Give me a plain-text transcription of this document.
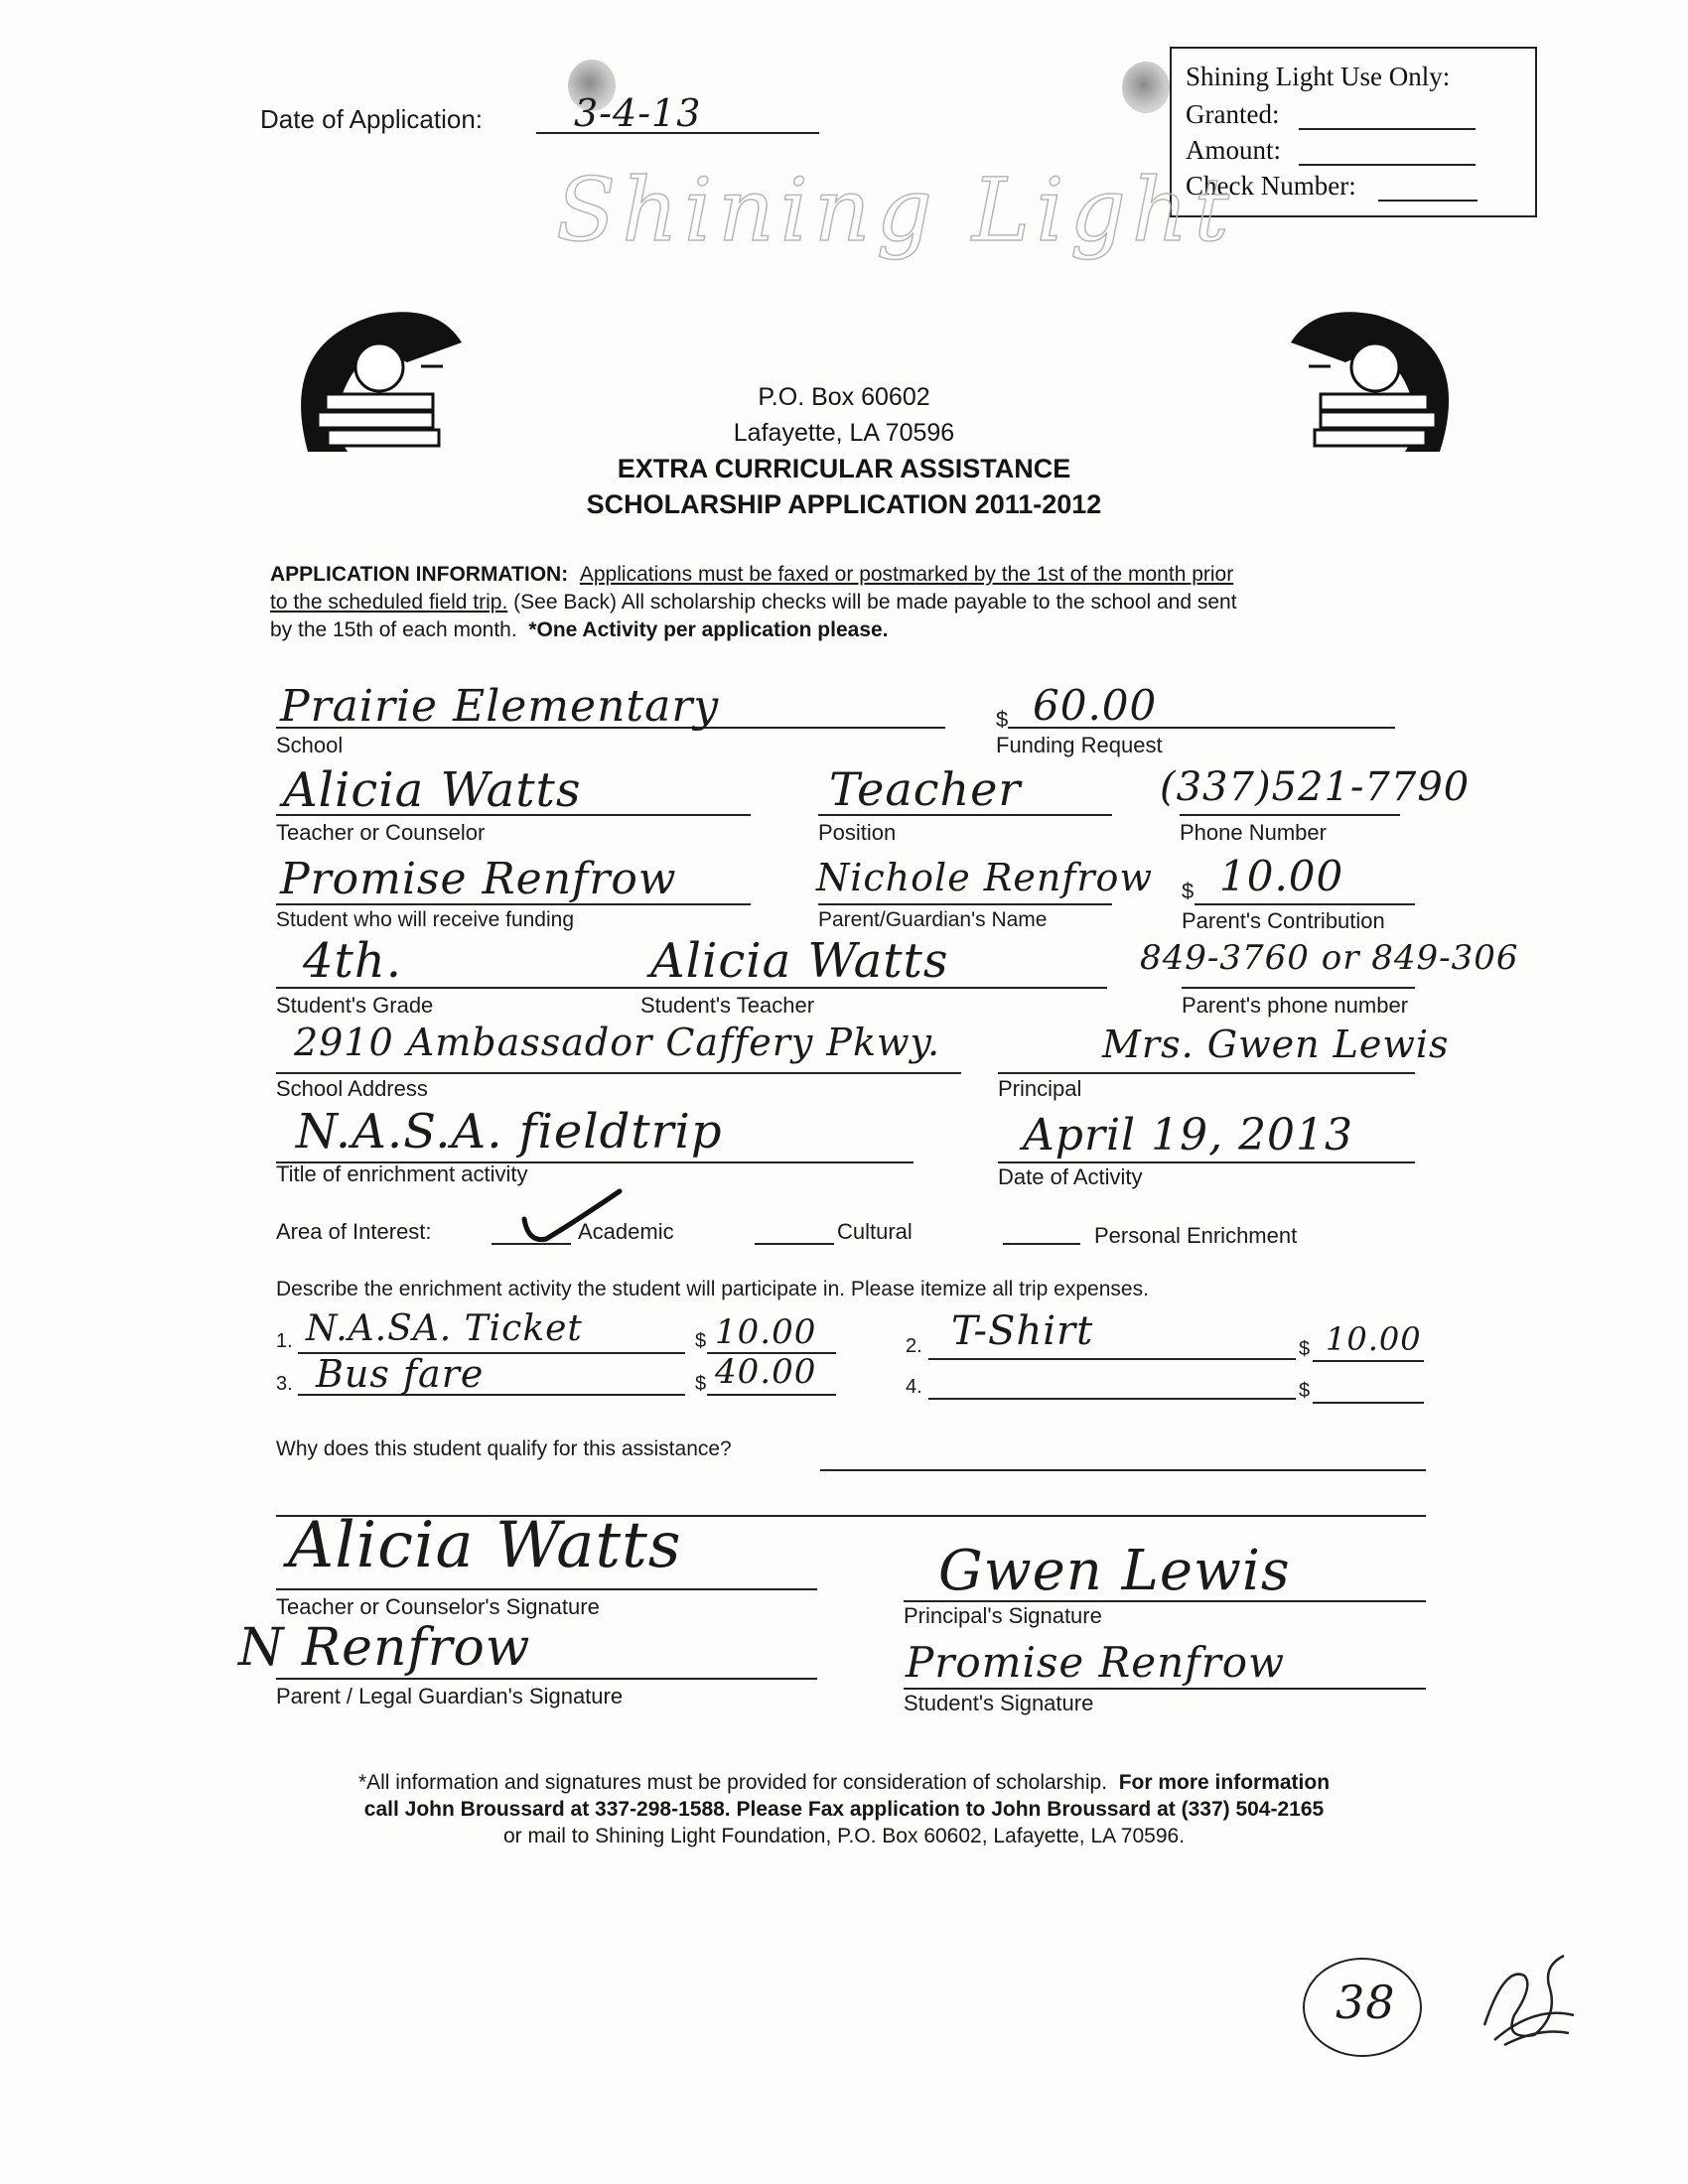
Date of Application: 3-4-13
Shining Light Use Only:
Granted:
Amount:
Check Number:
Shining Light
P.O. Box 60602
Lafayette, LA 70596
EXTRA CURRICULAR ASSISTANCE
SCHOLARSHIP APPLICATION 2011-2012
APPLICATION INFORMATION: Applications must be faxed or postmarked by the 1st of the month prior
to the scheduled field trip. (See Back) All scholarship checks will be made payable to the school and sent
by the 15th of each month. *One Activity per application please.
Prairie Elementary
School
$ 60.00
Funding Request
Alicia Watts
Teacher or Counselor
Teacher
Position
(337)521-7790
Phone Number
Promise Renfrow
Student who will receive funding
Nichole Renfrow
Parent/Guardian's Name
$ 10.00
Parent's Contribution
4th.
Student's Grade
Alicia Watts
Student's Teacher
849-3760 or 849-306
Parent's phone number
2910 Ambassador Caffery Pkwy.
School Address
Mrs. Gwen Lewis
Principal
N.A.S.A. fieldtrip
Title of enrichment activity
April 19, 2013
Date of Activity
Area of Interest:	Academic	Cultural	Personal Enrichment
Describe the enrichment activity the student will participate in. Please itemize all trip expenses.
1. N.A.SA. Ticket	$ 10.00	2. T-Shirt	$ 10.00
3. Bus fare	$ 40.00	4.	$
Why does this student qualify for this assistance?
Alicia Watts
Teacher or Counselor's Signature
Gwen Lewis
Principal's Signature
N Renfrow
Parent / Legal Guardian's Signature
Promise Renfrow
Student's Signature
*All information and signatures must be provided for consideration of scholarship. For more information
call John Broussard at 337-298-1588. Please Fax application to John Broussard at (337) 504-2165
or mail to Shining Light Foundation, P.O. Box 60602, Lafayette, LA 70596.
38
